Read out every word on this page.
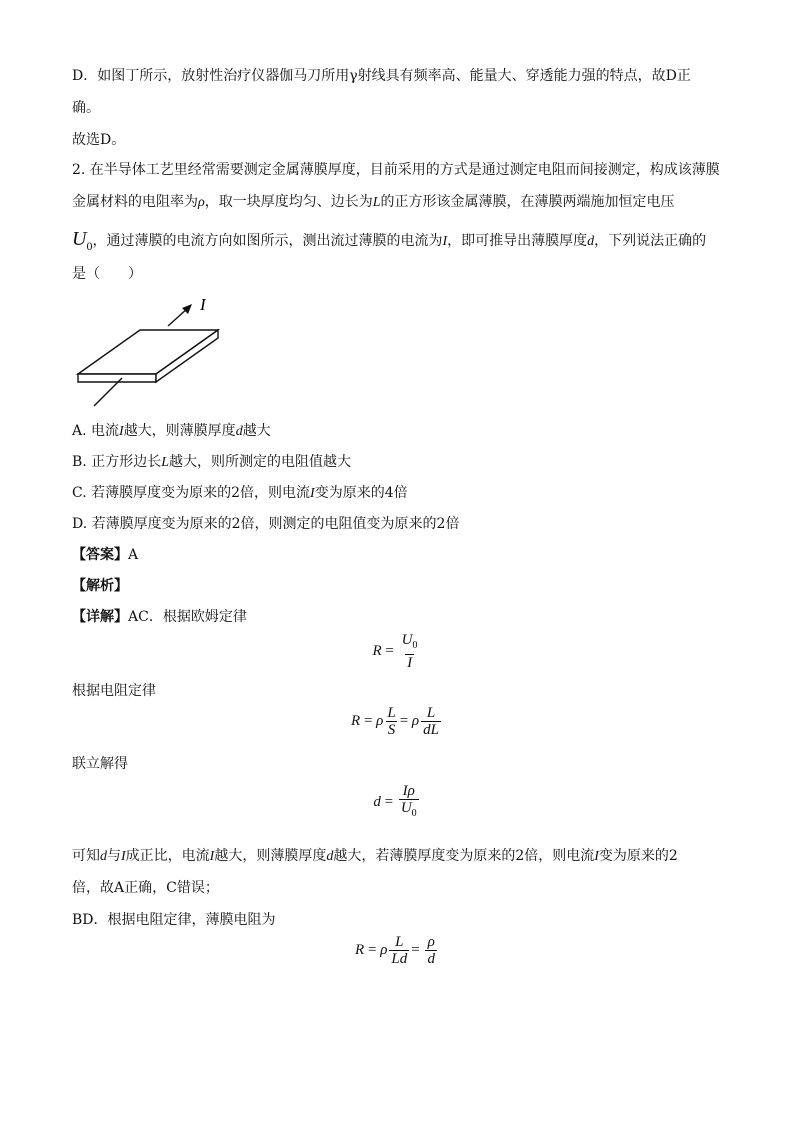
D．如图丁所示，放射性治疗仪器伽马刀所用γ射线具有频率高、能量大、穿透能力强的特点，故D正
确。
故选D。
2. 在半导体工艺里经常需要测定金属薄膜厚度，目前采用的方式是通过测定电阻而间接测定，构成该薄膜
金属材料的电阻率为ρ，取一块厚度均匀、边长为L的正方形该金属薄膜，在薄膜两端施加恒定电压
$U_0$，通过薄膜的电流方向如图所示，测出流过薄膜的电流为I，即可推导出薄膜厚度d，下列说法正确的
是（　　）
I
A. 电流I越大，则薄膜厚度d越大
B. 正方形边长L越大，则所测定的电阻值越大
C. 若薄膜厚度变为原来的2倍，则电流I变为原来的4倍
D. 若薄膜厚度变为原来的2倍，则测定的电阻值变为原来的2倍
【答案】A
【解析】
【详解】AC．根据欧姆定律
$R = \frac{U_0}{I}$
根据电阻定律
R = ρ $\frac{L}{S} = \rho \frac{L}{dL}$
联立解得
$d = \frac{I\rho}{U_0}$
可知d与I成正比，电流I越大，则薄膜厚度d越大，若薄膜厚度变为原来的2倍，则电流I变为原来的2
倍，故A正确，C错误；
BD．根据电阻定律，薄膜电阻为
R = ρ $\frac{L}{Ld} = \frac{\rho}{d}$
